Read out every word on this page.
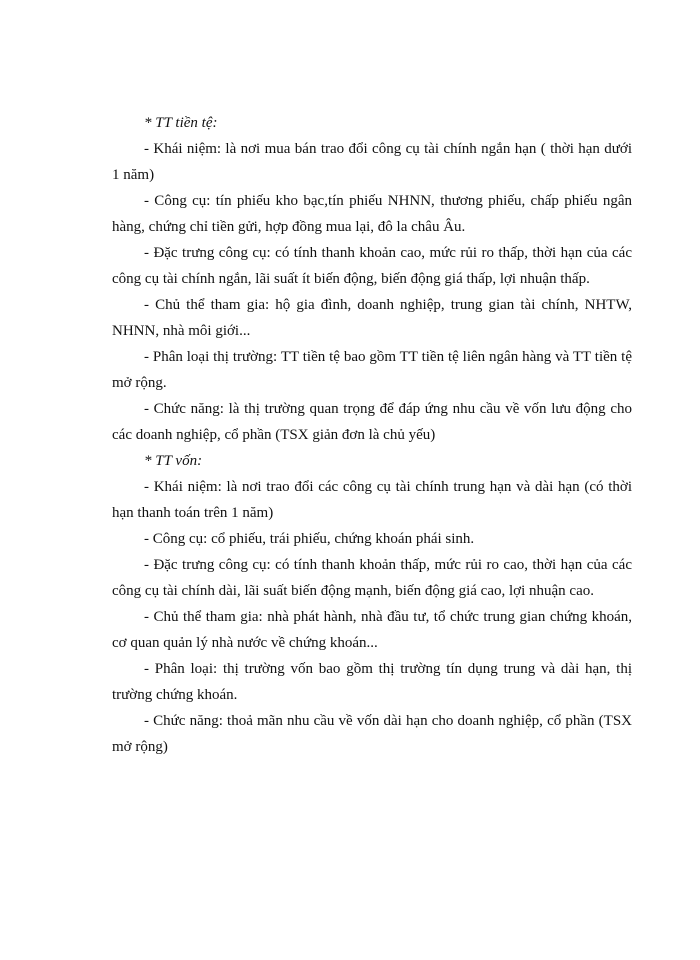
* TT tiền tệ:

- Khái niệm: là nơi mua bán trao đổi công cụ tài chính ngắn hạn ( thời hạn dưới 1 năm)

- Công cụ: tín phiếu kho bạc,tín phiếu NHNN, thương phiếu, chấp phiếu ngân hàng, chứng chỉ tiền gửi, hợp đồng mua lại, đô la châu Âu.

- Đặc trưng công cụ: có tính thanh khoản cao, mức rủi ro thấp, thời hạn của các công cụ tài chính ngắn, lãi suất ít biến động, biến động giá thấp, lợi nhuận thấp.

- Chủ thể tham gia: hộ gia đình, doanh nghiệp, trung gian tài chính, NHTW, NHNN, nhà môi giới...

- Phân loại thị trường: TT tiền tệ bao gồm TT tiền tệ liên ngân hàng và TT tiền tệ mở rộng.

- Chức năng: là thị trường quan trọng để đáp ứng nhu cầu về vốn lưu động cho các doanh nghiệp, cổ phần (TSX giản đơn là chủ yếu)

* TT vốn:

- Khái niệm: là nơi trao đổi các công cụ tài chính trung hạn và dài hạn (có thời hạn thanh toán trên 1 năm)

- Công cụ: cổ phiếu, trái phiếu, chứng khoán phái sinh.

- Đặc trưng công cụ: có tính thanh khoản thấp, mức rủi ro cao, thời hạn của các công cụ tài chính dài, lãi suất biến động mạnh, biến động giá cao, lợi nhuận cao.

- Chủ thể tham gia: nhà phát hành, nhà đầu tư, tổ chức trung gian chứng khoán, cơ quan quản lý nhà nước về chứng khoán...

- Phân loại: thị trường vốn bao gồm thị trường tín dụng trung và dài hạn, thị trường chứng khoán.

- Chức năng: thoả mãn nhu cầu về vốn dài hạn cho doanh nghiệp, cổ phần (TSX mở rộng)
